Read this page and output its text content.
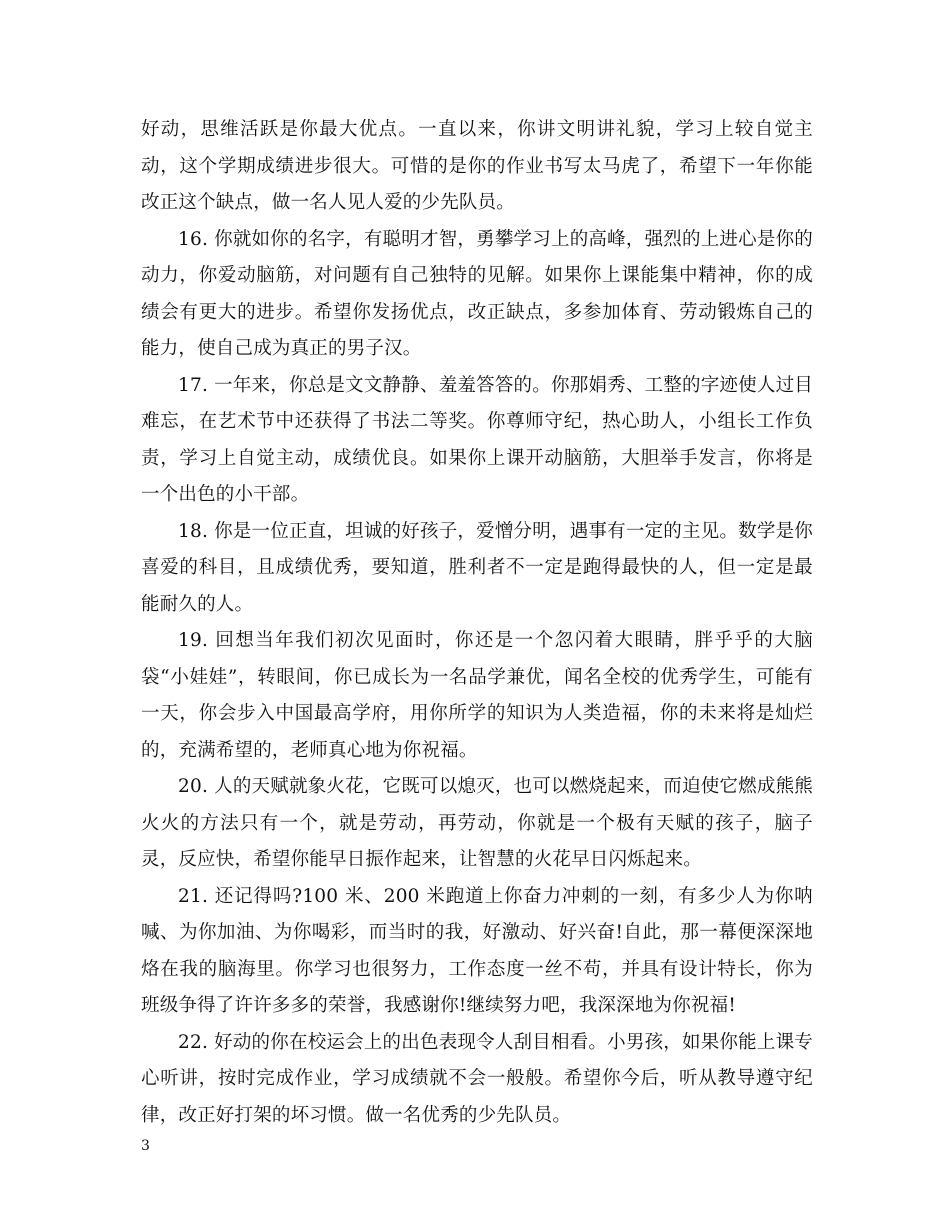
好动，思维活跃是你最大优点。一直以来，你讲文明讲礼貌，学习上较自觉主动，这个学期成绩进步很大。可惜的是你的作业书写太马虎了，希望下一年你能改正这个缺点，做一名人见人爱的少先队员。

16. 你就如你的名字，有聪明才智，勇攀学习上的高峰，强烈的上进心是你的动力，你爱动脑筋，对问题有自己独特的见解。如果你上课能集中精神，你的成绩会有更大的进步。希望你发扬优点，改正缺点，多参加体育、劳动锻炼自己的能力，使自己成为真正的男子汉。

17. 一年来，你总是文文静静、羞羞答答的。你那娟秀、工整的字迹使人过目难忘，在艺术节中还获得了书法二等奖。你尊师守纪，热心助人，小组长工作负责，学习上自觉主动，成绩优良。如果你上课开动脑筋，大胆举手发言，你将是一个出色的小干部。

18. 你是一位正直，坦诚的好孩子，爱憎分明，遇事有一定的主见。数学是你喜爱的科目，且成绩优秀，要知道，胜利者不一定是跑得最快的人，但一定是最能耐久的人。

19. 回想当年我们初次见面时，你还是一个忽闪着大眼睛，胖乎乎的大脑袋“小娃娃”，转眼间，你已成长为一名品学兼优，闻名全校的优秀学生，可能有一天，你会步入中国最高学府，用你所学的知识为人类造福，你的未来将是灿烂的，充满希望的，老师真心地为你祝福。

20. 人的天赋就象火花，它既可以熄灭，也可以燃烧起来，而迫使它燃成熊熊火火的方法只有一个，就是劳动，再劳动，你就是一个极有天赋的孩子，脑子灵，反应快，希望你能早日振作起来，让智慧的火花早日闪烁起来。

21. 还记得吗?100 米、200 米跑道上你奋力冲刺的一刻，有多少人为你呐喊、为你加油、为你喝彩，而当时的我，好激动、好兴奋!自此，那一幕便深深地烙在我的脑海里。你学习也很努力，工作态度一丝不苟，并具有设计特长，你为班级争得了许许多多的荣誉，我感谢你!继续努力吧，我深深地为你祝福!

22. 好动的你在校运会上的出色表现令人刮目相看。小男孩，如果你能上课专心听讲，按时完成作业，学习成绩就不会一般般。希望你今后，听从教导遵守纪律，改正好打架的坏习惯。做一名优秀的少先队员。

3
